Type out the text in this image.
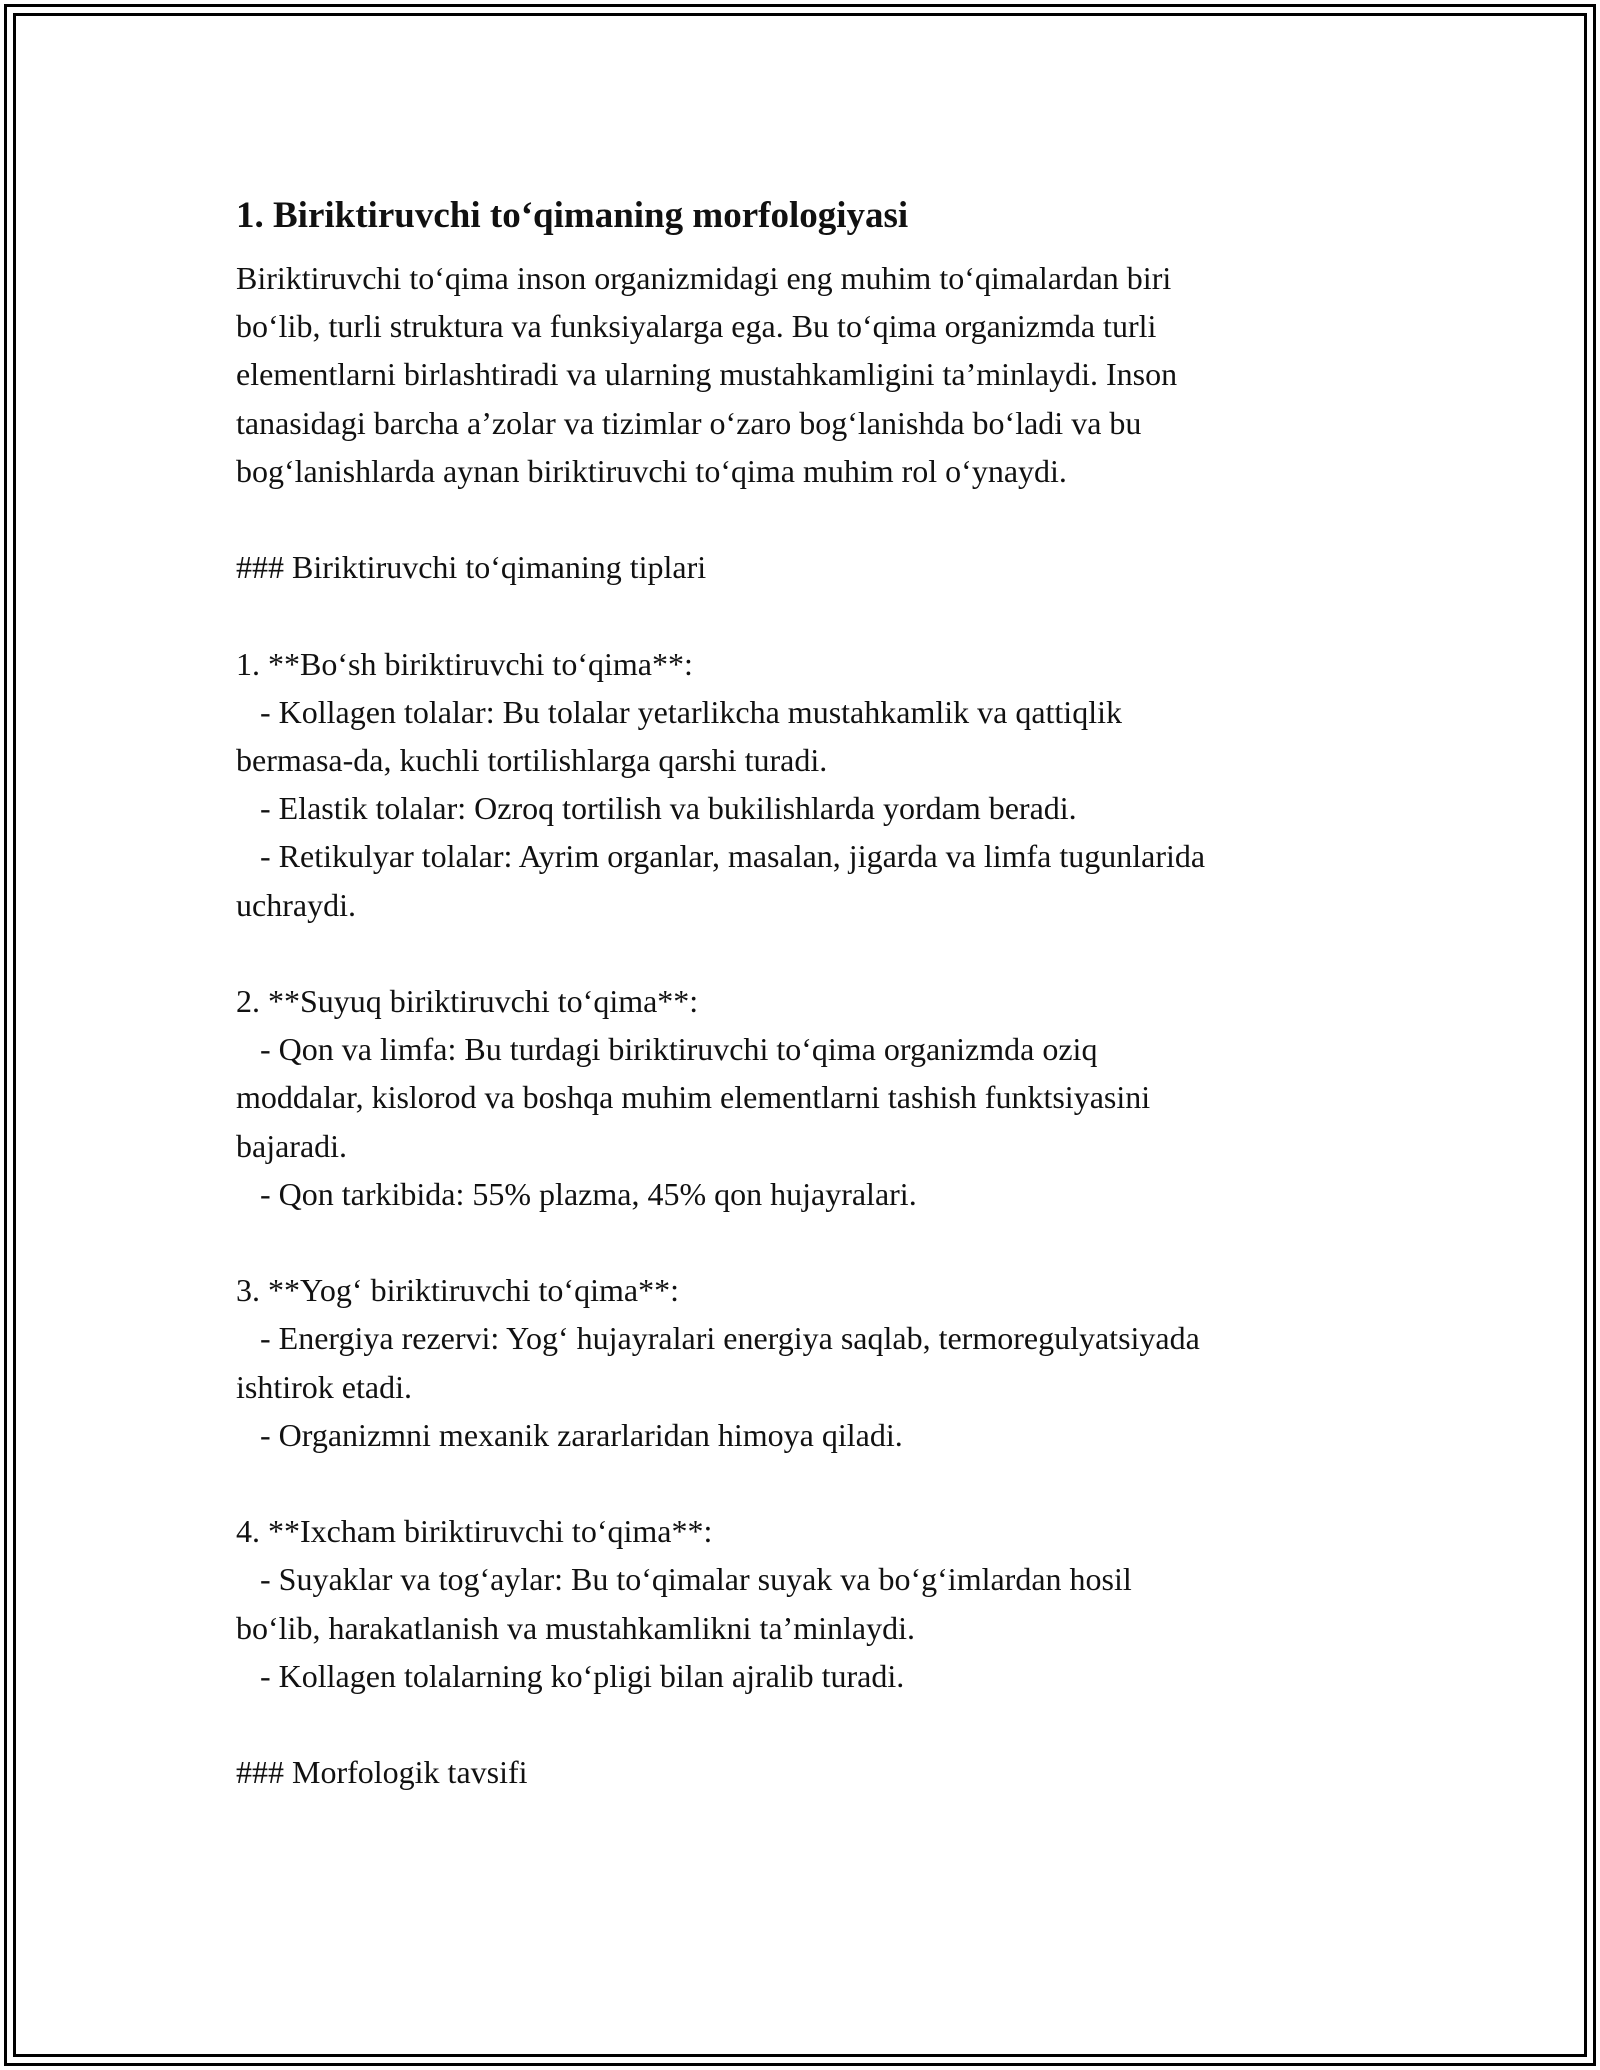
1. Biriktiruvchi to‘qimaning morfologiyasi
Biriktiruvchi to‘qima inson organizmidagi eng muhim to‘qimalardan biri
bo‘lib, turli struktura va funksiyalarga ega. Bu to‘qima organizmda turli
elementlarni birlashtiradi va ularning mustahkamligini ta’minlaydi. Inson
tanasidagi barcha a’zolar va tizimlar o‘zaro bog‘lanishda bo‘ladi va bu
bog‘lanishlarda aynan biriktiruvchi to‘qima muhim rol o‘ynaydi.
### Biriktiruvchi to‘qimaning tiplari
1. **Bo‘sh biriktiruvchi to‘qima**:
- Kollagen tolalar: Bu tolalar yetarlikcha mustahkamlik va qattiqlik
bermasa-da, kuchli tortilishlarga qarshi turadi.
- Elastik tolalar: Ozroq tortilish va bukilishlarda yordam beradi.
- Retikulyar tolalar: Ayrim organlar, masalan, jigarda va limfa tugunlarida
uchraydi.
2. **Suyuq biriktiruvchi to‘qima**:
- Qon va limfa: Bu turdagi biriktiruvchi to‘qima organizmda oziq
moddalar, kislorod va boshqa muhim elementlarni tashish funktsiyasini
bajaradi.
- Qon tarkibida: 55% plazma, 45% qon hujayralari.
3. **Yog‘ biriktiruvchi to‘qima**:
- Energiya rezervi: Yog‘ hujayralari energiya saqlab, termoregulyatsiyada
ishtirok etadi.
- Organizmni mexanik zararlaridan himoya qiladi.
4. **Ixcham biriktiruvchi to‘qima**:
- Suyaklar va tog‘aylar: Bu to‘qimalar suyak va bo‘g‘imlardan hosil
bo‘lib, harakatlanish va mustahkamlikni ta’minlaydi.
- Kollagen tolalarning ko‘pligi bilan ajralib turadi.
### Morfologik tavsifi
